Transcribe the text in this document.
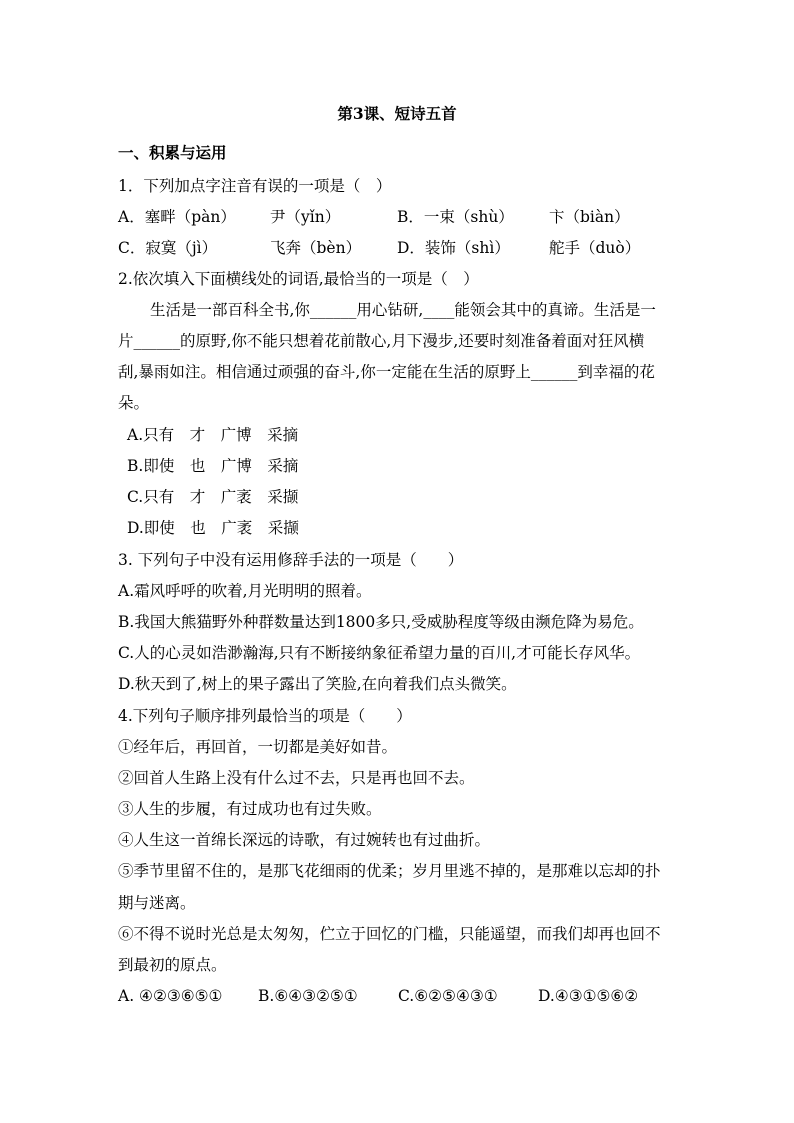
第3课、短诗五首
一、积累与运用
1．下列加点字注音有误的一项是（　）
A．塞畔（pàn） 尹（yǐn）	B．一束（shù） 卞（biàn）
C．寂寞（jì）	飞奔（bèn） D．装饰（shì）	舵手（duò）
2.依次填入下面横线处的词语,最恰当的一项是（　）
生活是一部百科全书,你______用心钻研,____能领会其中的真谛。生活是一
片______的原野,你不能只想着花前散心,月下漫步,还要时刻准备着面对狂风横
刮,暴雨如注。相信通过顽强的奋斗,你一定能在生活的原野上______到幸福的花
朵。
A.只有　才　广博　采摘
B.即使　也　广博　采摘
C.只有　才　广袤　采撷
D.即使　也　广袤　采撷
3. 下列句子中没有运用修辞手法的一项是（　　）
A.霜风呼呼的吹着,月光明明的照着。
B.我国大熊猫野外种群数量达到1800多只,受威胁程度等级由濒危降为易危。
C.人的心灵如浩渺瀚海,只有不断接纳象征希望力量的百川,才可能长存风华。
D.秋天到了,树上的果子露出了笑脸,在向着我们点头微笑。
4.下列句子顺序排列最恰当的项是（　　）
①经年后，再回首，一切都是美好如昔。
②回首人生路上没有什么过不去，只是再也回不去。
③人生的步履，有过成功也有过失败。
④人生这一首绵长深远的诗歌，有过婉转也有过曲折。
⑤季节里留不住的，是那飞花细雨的优柔；岁月里逃不掉的，是那难以忘却的扑
期与迷离。
⑥不得不说时光总是太匆匆，伫立于回忆的门槛，只能遥望，而我们却再也回不
到最初的原点。
A. ④②③⑥⑤① B.⑥④③②⑤①	C.⑥②⑤④③①	D.④③①⑤⑥②
